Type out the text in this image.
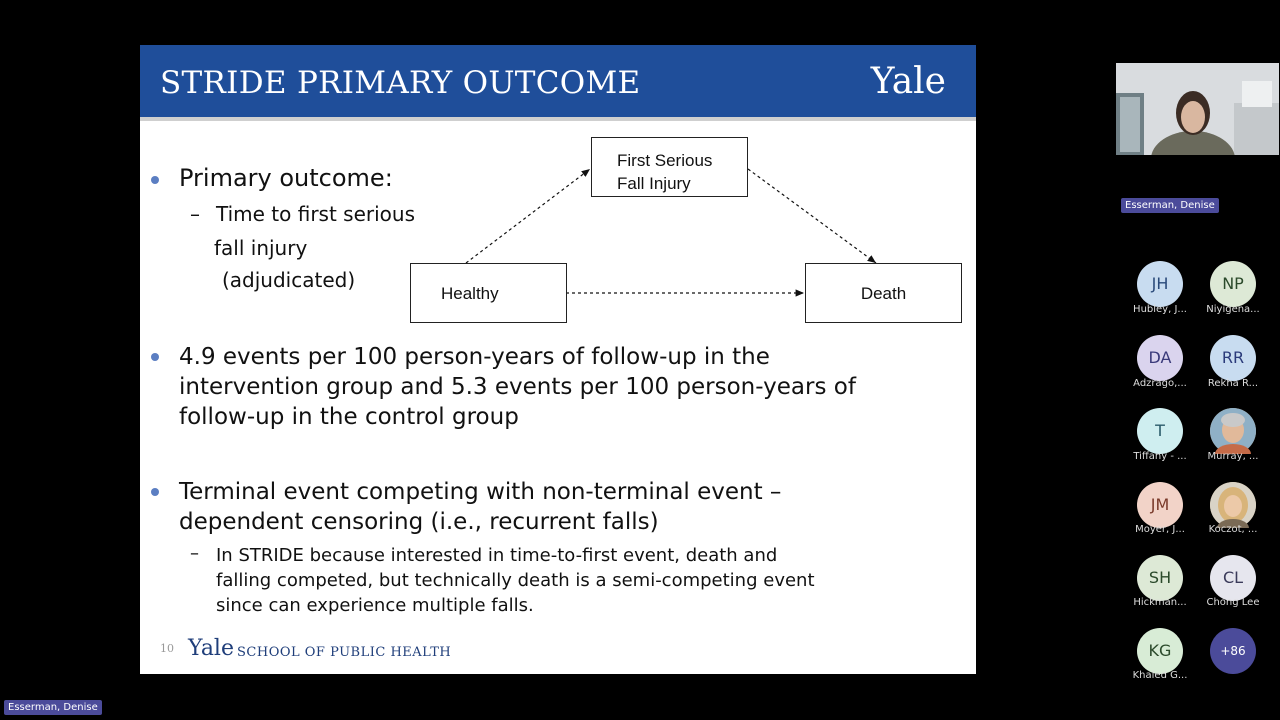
STRIDE PRIMARY OUTCOME	Yale
Primary outcome:
– Time to first serious
fall injury
(adjudicated)
First Serious
Fall Injury
Healthy	Death
4.9 events per 100 person-years of follow-up in the
intervention group and 5.3 events per 100 person-years of
follow-up in the control group
Terminal event competing with non-terminal event –
dependent censoring (i.e., recurrent falls)
– In STRIDE because interested in time-to-first event, death and
falling competed, but technically death is a semi-competing event
since can experience multiple falls.
10 Yale SCHOOL OF PUBLIC HEALTH
Esserman, Denise
JH
Hubley, J...
NP
Niyigena...
DA
Adzrago,...
RR
Rekha R...
T
Tiffany - ...	Murray, ...
JM
Moyer, J...	Koczot, ...
SH
Hickman...
CL
Chong Lee
KG
Khaled G...
+86
Esserman, Denise
